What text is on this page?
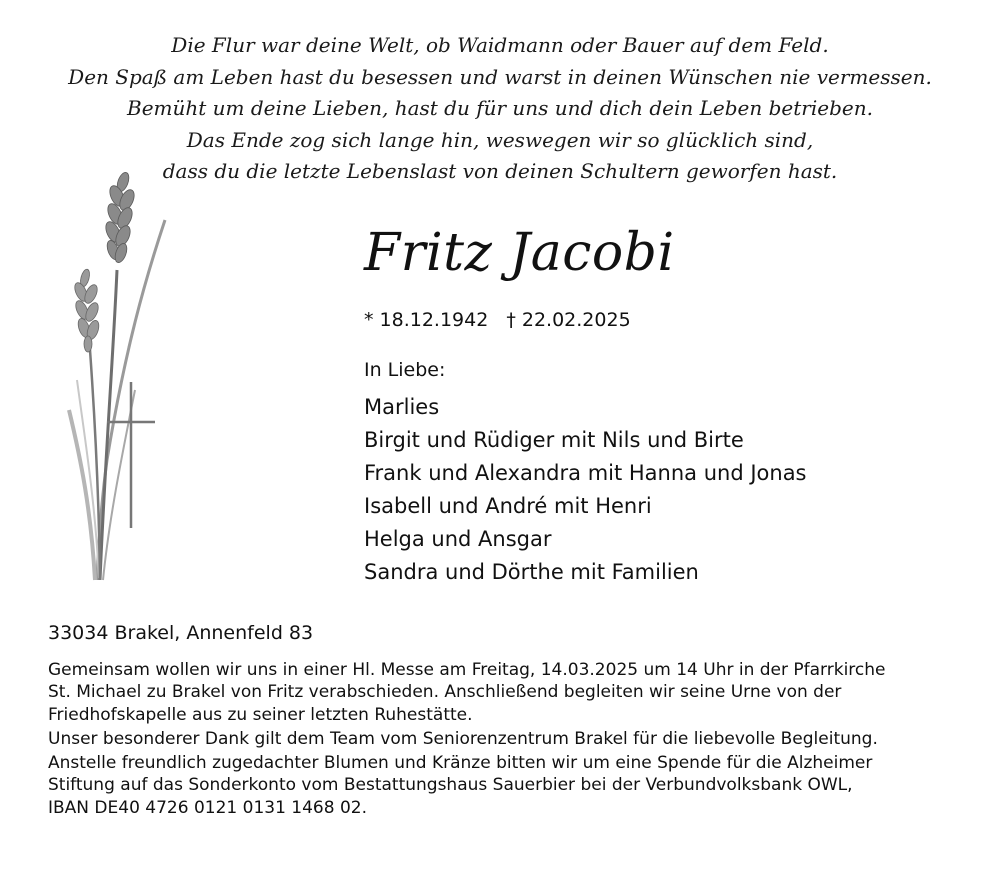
Die Flur war deine Welt, ob Waidmann oder Bauer auf dem Feld.
Den Spaß am Leben hast du besessen und warst in deinen Wünschen nie vermessen.
Bemüht um deine Lieben, hast du für uns und dich dein Leben betrieben.
Das Ende zog sich lange hin, weswegen wir so glücklich sind,
dass du die letzte Lebenslast von deinen Schultern geworfen hast.
Fritz Jacobi
* 18.12.1942 † 22.02.2025
In Liebe:
Marlies
Birgit und Rüdiger mit Nils und Birte
Frank und Alexandra mit Hanna und Jonas
Isabell und André mit Henri
Helga und Ansgar
Sandra und Dörthe mit Familien
33034 Brakel, Annenfeld 83
Gemeinsam wollen wir uns in einer Hl. Messe am Freitag, 14.03.2025 um 14 Uhr in der Pfarrkirche
St. Michael zu Brakel von Fritz verabschieden. Anschließend begleiten wir seine Urne von der
Friedhofskapelle aus zu seiner letzten Ruhestätte.
Unser besonderer Dank gilt dem Team vom Seniorenzentrum Brakel für die liebevolle Begleitung.
Anstelle freundlich zugedachter Blumen und Kränze bitten wir um eine Spende für die Alzheimer
Stiftung auf das Sonderkonto vom Bestattungshaus Sauerbier bei der Verbundvolksbank OWL,
IBAN DE40 4726 0121 0131 1468 02.
